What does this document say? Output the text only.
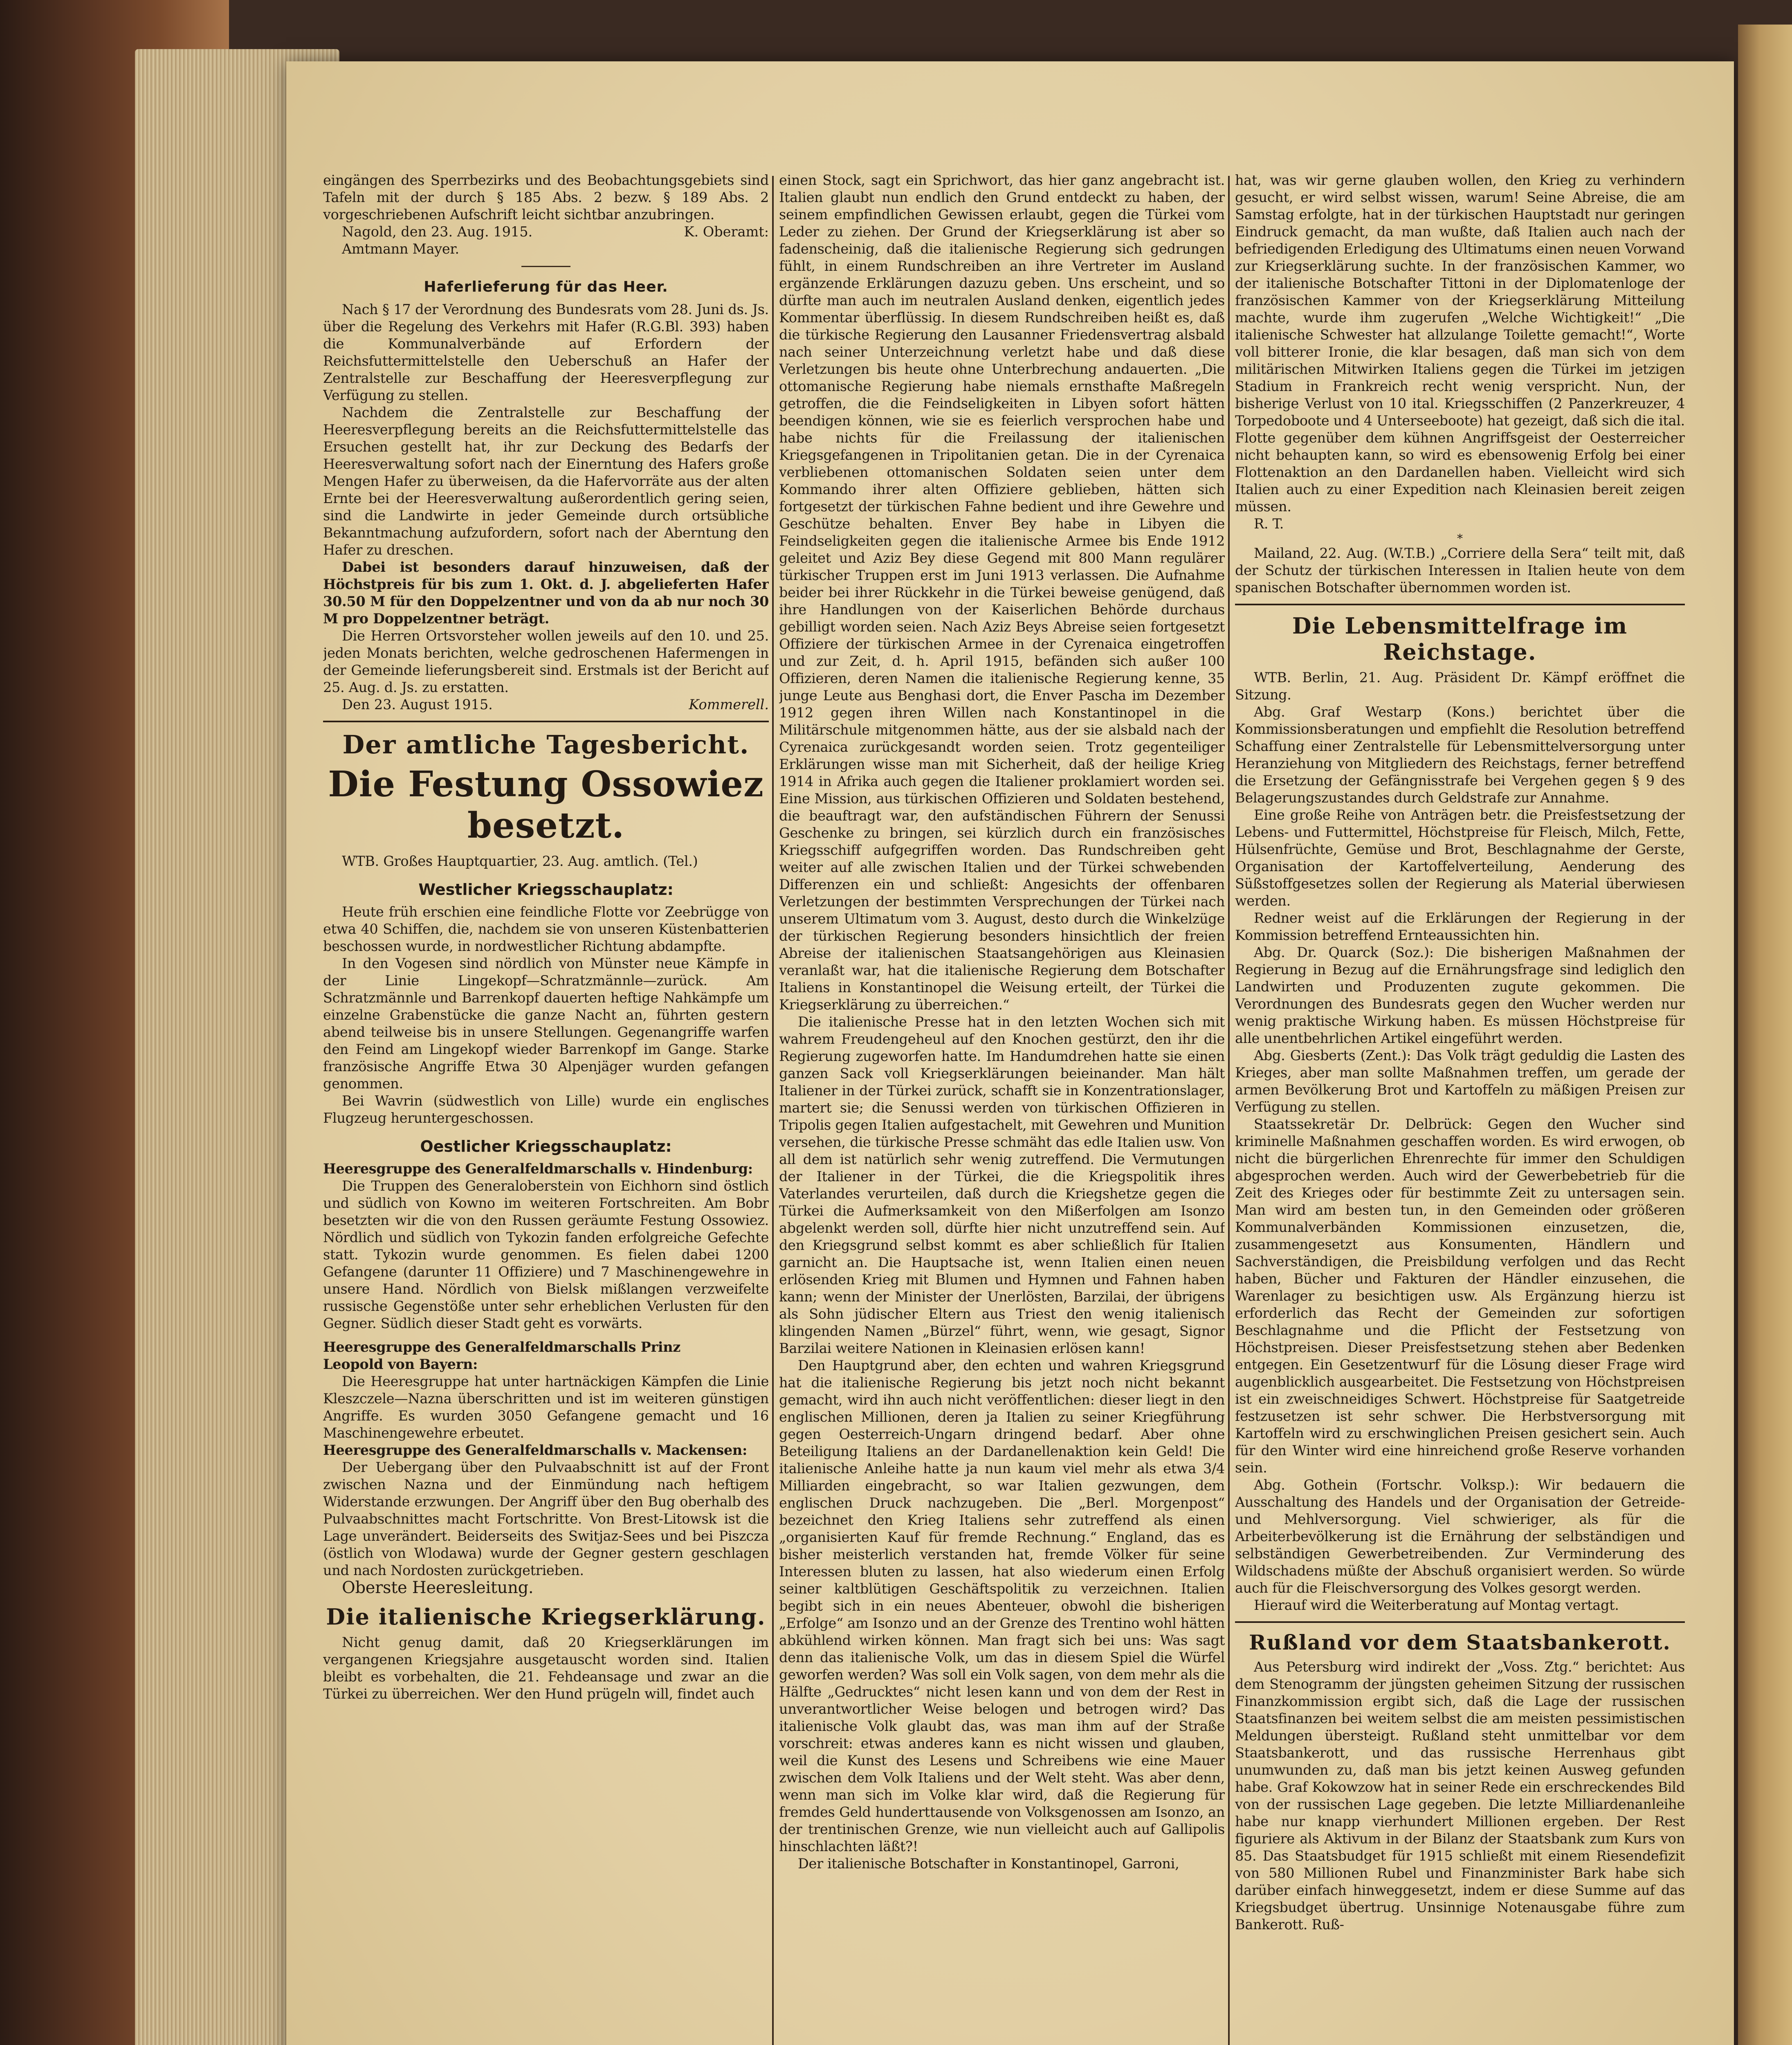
eingängen des Sperrbezirks und des Beobachtungsgebiets sind Tafeln mit der durch § 185 Abs. 2 bezw. § 189 Abs. 2 vorgeschriebenen Aufschrift leicht sichtbar anzubringen.

Nagold, den 23. Aug. 1915.	K. Oberamt:

Amtmann Mayer.

Haferlieferung für das Heer.

Nach § 17 der Verordnung des Bundesrats vom 28. Juni ds. Js. über die Regelung des Verkehrs mit Hafer (R.G.Bl. 393) haben die Kommunalverbände auf Erfordern der Reichsfuttermittelstelle den Ueberschuß an Hafer der Zentralstelle zur Beschaffung der Heeresverpflegung zur Verfügung zu stellen.

Nachdem die Zentralstelle zur Beschaffung der Heeresverpflegung bereits an die Reichsfuttermittelstelle das Ersuchen gestellt hat, ihr zur Deckung des Bedarfs der Heeresverwaltung sofort nach der Einerntung des Hafers große Mengen Hafer zu überweisen, da die Hafervorräte aus der alten Ernte bei der Heeresverwaltung außerordentlich gering seien, sind die Landwirte in jeder Gemeinde durch ortsübliche Bekanntmachung aufzufordern, sofort nach der Aberntung den Hafer zu dreschen.

Dabei ist besonders darauf hinzuweisen, daß der Höchstpreis für bis zum 1. Okt. d. J. abgelieferten Hafer 30.50 M für den Doppelzentner und von da ab nur noch 30 M pro Doppelzentner beträgt.

Die Herren Ortsvorsteher wollen jeweils auf den 10. und 25. jeden Monats berichten, welche gedroschenen Hafermengen in der Gemeinde lieferungsbereit sind. Erstmals ist der Bericht auf 25. Aug. d. Js. zu erstatten.

Den 23. August 1915.	Kommerell.
Der amtliche Tagesbericht.
Die Festung Ossowiez besetzt.

WTB. Großes Hauptquartier, 23. Aug. amtlich. (Tel.)

Westlicher Kriegsschauplatz:

Heute früh erschien eine feindliche Flotte vor Zeebrügge von etwa 40 Schiffen, die, nachdem sie von unseren Küstenbatterien beschossen wurde, in nordwestlicher Richtung abdampfte.

In den Vogesen sind nördlich von Münster neue Kämpfe in der Linie Lingekopf—Schratzmännle—zurück. Am Schratzmännle und Barrenkopf dauerten heftige Nahkämpfe um einzelne Grabenstücke die ganze Nacht an, führten gestern abend teilweise bis in unsere Stellungen. Gegenangriffe warfen den Feind am Lingekopf wieder Barrenkopf im Gange. Starke französische Angriffe Etwa 30 Alpenjäger wurden gefangen genommen.

Bei Wavrin (südwestlich von Lille) wurde ein englisches Flugzeug heruntergeschossen.

Oestlicher Kriegsschauplatz:

Heeresgruppe des Generalfeldmarschalls v. Hindenburg:

Die Truppen des Generaloberstein von Eichhorn sind östlich und südlich von Kowno im weiteren Fortschreiten. Am Bobr besetzten wir die von den Russen geräumte Festung Ossowiez. Nördlich und südlich von Tykozin fanden erfolgreiche Gefechte statt. Tykozin wurde genommen. Es fielen dabei 1200 Gefangene (darunter 11 Offiziere) und 7 Maschinengewehre in unsere Hand. Nördlich von Bielsk mißlangen verzweifelte russische Gegenstöße unter sehr erheblichen Verlusten für den Gegner. Südlich dieser Stadt geht es vorwärts.

Heeresgruppe des Generalfeldmarschalls Prinz

Leopold von Bayern:

Die Heeresgruppe hat unter hartnäckigen Kämpfen die Linie Kleszczele—Nazna überschritten und ist im weiteren günstigen Angriffe. Es wurden 3050 Gefangene gemacht und 16 Maschinengewehre erbeutet.

Heeresgruppe des Generalfeldmarschalls v. Mackensen:

Der Uebergang über den Pulvaabschnitt ist auf der Front zwischen Nazna und der Einmündung nach heftigem Widerstande erzwungen. Der Angriff über den Bug oberhalb des Pulvaabschnittes macht Fortschritte. Von Brest-Litowsk ist die Lage unverändert. Beiderseits des Switjaz-Sees und bei Piszcza (östlich von Wlodawa) wurde der Gegner gestern geschlagen und nach Nordosten zurückgetrieben.

Oberste Heeresleitung.

Die italienische Kriegserklärung.

Nicht genug damit, daß 20 Kriegserklärungen im vergangenen Kriegsjahre ausgetauscht worden sind. Italien bleibt es vorbehalten, die 21. Fehdeansage und zwar an die Türkei zu überreichen. Wer den Hund prügeln will, findet auch

einen Stock, sagt ein Sprichwort, das hier ganz angebracht ist. Italien glaubt nun endlich den Grund entdeckt zu haben, der seinem empfindlichen Gewissen erlaubt, gegen die Türkei vom Leder zu ziehen. Der Grund der Kriegserklärung ist aber so fadenscheinig, daß die italienische Regierung sich gedrungen fühlt, in einem Rundschreiben an ihre Vertreter im Ausland ergänzende Erklärungen dazuzu geben. Uns erscheint, und so dürfte man auch im neutralen Ausland denken, eigentlich jedes Kommentar überflüssig. In diesem Rundschreiben heißt es, daß die türkische Regierung den Lausanner Friedensvertrag alsbald nach seiner Unterzeichnung verletzt habe und daß diese Verletzungen bis heute ohne Unterbrechung andauerten. „Die ottomanische Regierung habe niemals ernsthafte Maßregeln getroffen, die die Feindseligkeiten in Libyen sofort hätten beendigen können, wie sie es feierlich versprochen habe und habe nichts für die Freilassung der italienischen Kriegsgefangenen in Tripolitanien getan. Die in der Cyrenaica verbliebenen ottomanischen Soldaten seien unter dem Kommando ihrer alten Offiziere geblieben, hätten sich fortgesetzt der türkischen Fahne bedient und ihre Gewehre und Geschütze behalten. Enver Bey habe in Libyen die Feindseligkeiten gegen die italienische Armee bis Ende 1912 geleitet und Aziz Bey diese Gegend mit 800 Mann regulärer türkischer Truppen erst im Juni 1913 verlassen. Die Aufnahme beider bei ihrer Rückkehr in die Türkei beweise genügend, daß ihre Handlungen von der Kaiserlichen Behörde durchaus gebilligt worden seien. Nach Aziz Beys Abreise seien fortgesetzt Offiziere der türkischen Armee in der Cyrenaica eingetroffen und zur Zeit, d. h. April 1915, befänden sich außer 100 Offizieren, deren Namen die italienische Regierung kenne, 35 junge Leute aus Benghasi dort, die Enver Pascha im Dezember 1912 gegen ihren Willen nach Konstantinopel in die Militärschule mitgenommen hätte, aus der sie alsbald nach der Cyrenaica zurückgesandt worden seien. Trotz gegenteiliger Erklärungen wisse man mit Sicherheit, daß der heilige Krieg 1914 in Afrika auch gegen die Italiener proklamiert worden sei. Eine Mission, aus türkischen Offizieren und Soldaten bestehend, die beauftragt war, den aufständischen Führern der Senussi Geschenke zu bringen, sei kürzlich durch ein französisches Kriegsschiff aufgegriffen worden. Das Rundschreiben geht weiter auf alle zwischen Italien und der Türkei schwebenden Differenzen ein und schließt: Angesichts der offenbaren Verletzungen der bestimmten Versprechungen der Türkei nach unserem Ultimatum vom 3. August, desto durch die Winkelzüge der türkischen Regierung besonders hinsichtlich der freien Abreise der italienischen Staatsangehörigen aus Kleinasien veranlaßt war, hat die italienische Regierung dem Botschafter Italiens in Konstantinopel die Weisung erteilt, der Türkei die Kriegserklärung zu überreichen.“

Die italienische Presse hat in den letzten Wochen sich mit wahrem Freudengeheul auf den Knochen gestürzt, den ihr die Regierung zugeworfen hatte. Im Handumdrehen hatte sie einen ganzen Sack voll Kriegserklärungen beieinander. Man hält Italiener in der Türkei zurück, schafft sie in Konzentrationslager, martert sie; die Senussi werden von türkischen Offizieren in Tripolis gegen Italien aufgestachelt, mit Gewehren und Munition versehen, die türkische Presse schmäht das edle Italien usw. Von all dem ist natürlich sehr wenig zutreffend. Die Vermutungen der Italiener in der Türkei, die die Kriegspolitik ihres Vaterlandes verurteilen, daß durch die Kriegshetze gegen die Türkei die Aufmerksamkeit von den Mißerfolgen am Isonzo abgelenkt werden soll, dürfte hier nicht unzutreffend sein. Auf den Kriegsgrund selbst kommt es aber schließlich für Italien garnicht an. Die Hauptsache ist, wenn Italien einen neuen erlösenden Krieg mit Blumen und Hymnen und Fahnen haben kann; wenn der Minister der Unerlösten, Barzilai, der übrigens als Sohn jüdischer Eltern aus Triest den wenig italienisch klingenden Namen „Bürzel“ führt, wenn, wie gesagt, Signor Barzilai weitere Nationen in Kleinasien erlösen kann!

Den Hauptgrund aber, den echten und wahren Kriegsgrund hat die italienische Regierung bis jetzt noch nicht bekannt gemacht, wird ihn auch nicht veröffentlichen: dieser liegt in den englischen Millionen, deren ja Italien zu seiner Kriegführung gegen Oesterreich-Ungarn dringend bedarf. Aber ohne Beteiligung Italiens an der Dardanellenaktion kein Geld! Die italienische Anleihe hatte ja nun kaum viel mehr als etwa 3/4 Milliarden eingebracht, so war Italien gezwungen, dem englischen Druck nachzugeben. Die „Berl. Morgenpost“ bezeichnet den Krieg Italiens sehr zutreffend als einen „organisierten Kauf für fremde Rechnung.“ England, das es bisher meisterlich verstanden hat, fremde Völker für seine Interessen bluten zu lassen, hat also wiederum einen Erfolg seiner kaltblütigen Geschäftspolitik zu verzeichnen. Italien begibt sich in ein neues Abenteuer, obwohl die bisherigen „Erfolge“ am Isonzo und an der Grenze des Trentino wohl hätten abkühlend wirken können. Man fragt sich bei uns: Was sagt denn das italienische Volk, um das in diesem Spiel die Würfel geworfen werden? Was soll ein Volk sagen, von dem mehr als die Hälfte „Gedrucktes“ nicht lesen kann und von dem der Rest in unverantwortlicher Weise belogen und betrogen wird? Das italienische Volk glaubt das, was man ihm auf der Straße vorschreit: etwas anderes kann es nicht wissen und glauben, weil die Kunst des Lesens und Schreibens wie eine Mauer zwischen dem Volk Italiens und der Welt steht. Was aber denn, wenn man sich im Volke klar wird, daß die Regierung für fremdes Geld hunderttausende von Volksgenossen am Isonzo, an der trentinischen Grenze, wie nun vielleicht auch auf Gallipolis hinschlachten läßt?!

Der italienische Botschafter in Konstantinopel, Garroni,

hat, was wir gerne glauben wollen, den Krieg zu verhindern gesucht, er wird selbst wissen, warum! Seine Abreise, die am Samstag erfolgte, hat in der türkischen Hauptstadt nur geringen Eindruck gemacht, da man wußte, daß Italien auch nach der befriedigenden Erledigung des Ultimatums einen neuen Vorwand zur Kriegserklärung suchte. In der französischen Kammer, wo der italienische Botschafter Tittoni in der Diplomatenloge der französischen Kammer von der Kriegserklärung Mitteilung machte, wurde ihm zugerufen „Welche Wichtigkeit!“ „Die italienische Schwester hat allzulange Toilette gemacht!“, Worte voll bitterer Ironie, die klar besagen, daß man sich von dem militärischen Mitwirken Italiens gegen die Türkei im jetzigen Stadium in Frankreich recht wenig verspricht. Nun, der bisherige Verlust von 10 ital. Kriegsschiffen (2 Panzerkreuzer, 4 Torpedoboote und 4 Unterseeboote) hat gezeigt, daß sich die ital. Flotte gegenüber dem kühnen Angriffsgeist der Oesterreicher nicht behaupten kann, so wird es ebensowenig Erfolg bei einer Flottenaktion an den Dardanellen haben. Vielleicht wird sich Italien auch zu einer Expedition nach Kleinasien bereit zeigen müssen.

R. T.

*

Mailand, 22. Aug. (W.T.B.) „Corriere della Sera“ teilt mit, daß der Schutz der türkischen Interessen in Italien heute von dem spanischen Botschafter übernommen worden ist.

Die Lebensmittelfrage im Reichstage.

WTB. Berlin, 21. Aug. Präsident Dr. Kämpf eröffnet die Sitzung.

Abg. Graf Westarp (Kons.) berichtet über die Kommissionsberatungen und empfiehlt die Resolution betreffend Schaffung einer Zentralstelle für Lebensmittelversorgung unter Heranziehung von Mitgliedern des Reichstags, ferner betreffend die Ersetzung der Gefängnisstrafe bei Vergehen gegen § 9 des Belagerungszustandes durch Geldstrafe zur Annahme.

Eine große Reihe von Anträgen betr. die Preisfestsetzung der Lebens- und Futtermittel, Höchstpreise für Fleisch, Milch, Fette, Hülsenfrüchte, Gemüse und Brot, Beschlagnahme der Gerste, Organisation der Kartoffelverteilung, Aenderung des Süßstoffgesetzes sollen der Regierung als Material überwiesen werden.

Redner weist auf die Erklärungen der Regierung in der Kommission betreffend Ernteaussichten hin.

Abg. Dr. Quarck (Soz.): Die bisherigen Maßnahmen der Regierung in Bezug auf die Ernährungsfrage sind lediglich den Landwirten und Produzenten zugute gekommen. Die Verordnungen des Bundesrats gegen den Wucher werden nur wenig praktische Wirkung haben. Es müssen Höchstpreise für alle unentbehrlichen Artikel eingeführt werden.

Abg. Giesberts (Zent.): Das Volk trägt geduldig die Lasten des Krieges, aber man sollte Maßnahmen treffen, um gerade der armen Bevölkerung Brot und Kartoffeln zu mäßigen Preisen zur Verfügung zu stellen.

Staatssekretär Dr. Delbrück: Gegen den Wucher sind kriminelle Maßnahmen geschaffen worden. Es wird erwogen, ob nicht die bürgerlichen Ehrenrechte für immer den Schuldigen abgesprochen werden. Auch wird der Gewerbebetrieb für die Zeit des Krieges oder für bestimmte Zeit zu untersagen sein. Man wird am besten tun, in den Gemeinden oder größeren Kommunalverbänden Kommissionen einzusetzen, die, zusammengesetzt aus Konsumenten, Händlern und Sachverständigen, die Preisbildung verfolgen und das Recht haben, Bücher und Fakturen der Händler einzusehen, die Warenlager zu besichtigen usw. Als Ergänzung hierzu ist erforderlich das Recht der Gemeinden zur sofortigen Beschlagnahme und die Pflicht der Festsetzung von Höchstpreisen. Dieser Preisfestsetzung stehen aber Bedenken entgegen. Ein Gesetzentwurf für die Lösung dieser Frage wird augenblicklich ausgearbeitet. Die Festsetzung von Höchstpreisen ist ein zweischneidiges Schwert. Höchstpreise für Saatgetreide festzusetzen ist sehr schwer. Die Herbstversorgung mit Kartoffeln wird zu erschwinglichen Preisen gesichert sein. Auch für den Winter wird eine hinreichend große Reserve vorhanden sein.

Abg. Gothein (Fortschr. Volksp.): Wir bedauern die Ausschaltung des Handels und der Organisation der Getreide- und Mehlversorgung. Viel schwieriger, als für die Arbeiterbevölkerung ist die Ernährung der selbständigen und selbständigen Gewerbetreibenden. Zur Verminderung des Wildschadens müßte der Abschuß organisiert werden. So würde auch für die Fleischversorgung des Volkes gesorgt werden.

Hierauf wird die Weiterberatung auf Montag vertagt.

Rußland vor dem Staatsbankerott.

Aus Petersburg wird indirekt der „Voss. Ztg.“ berichtet: Aus dem Stenogramm der jüngsten geheimen Sitzung der russischen Finanzkommission ergibt sich, daß die Lage der russischen Staatsfinanzen bei weitem selbst die am meisten pessimistischen Meldungen übersteigt. Rußland steht unmittelbar vor dem Staatsbankerott, und das russische Herrenhaus gibt unumwunden zu, daß man bis jetzt keinen Ausweg gefunden habe. Graf Kokowzow hat in seiner Rede ein erschreckendes Bild von der russischen Lage gegeben. Die letzte Milliardenanleihe habe nur knapp vierhundert Millionen ergeben. Der Rest figuriere als Aktivum in der Bilanz der Staatsbank zum Kurs von 85. Das Staatsbudget für 1915 schließt mit einem Riesendefizit von 580 Millionen Rubel und Finanzminister Bark habe sich darüber einfach hinweggesetzt, indem er diese Summe auf das Kriegsbudget übertrug. Unsinnige Notenausgabe führe zum Bankerott. Ruß-
